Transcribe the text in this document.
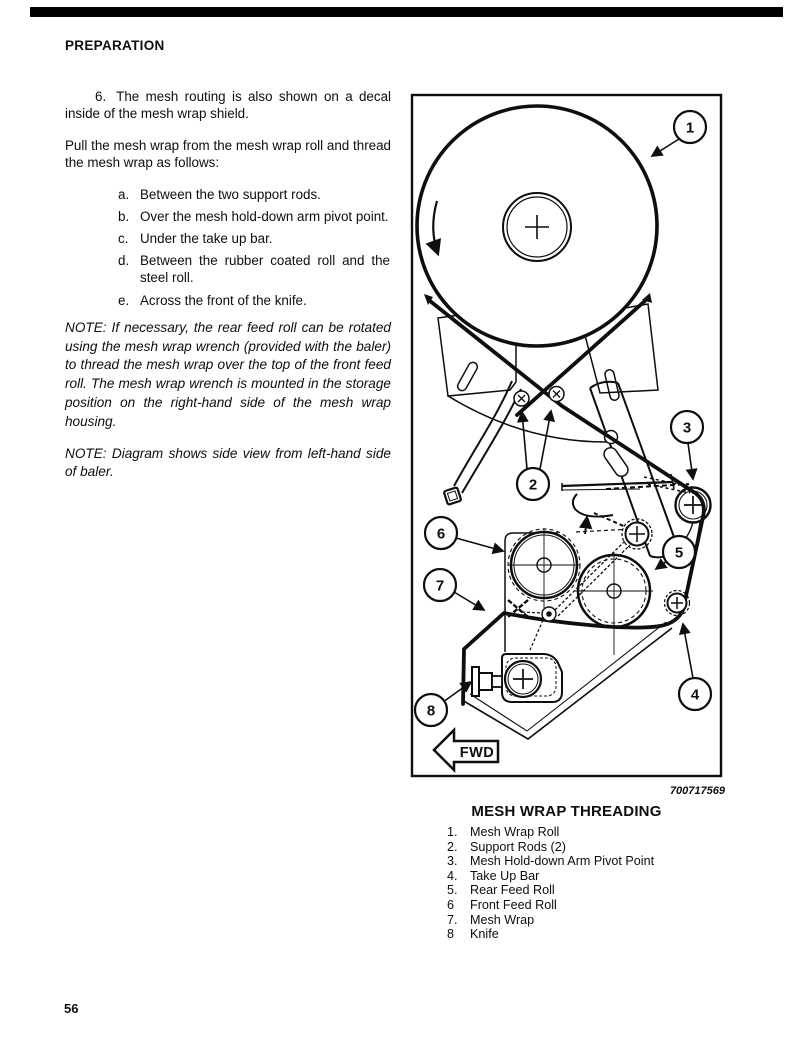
PREPARATION

6. The mesh routing is also shown on a decal inside of the mesh wrap shield.

Pull the mesh wrap from the mesh wrap roll and thread the mesh wrap as follows:

a. Between the two support rods.
b. Over the mesh hold-down arm pivot point.
c. Under the take up bar.
d. Between the rubber coated roll and the steel roll.
e. Across the front of the knife.

NOTE: If necessary, the rear feed roll can be rotated using the mesh wrap wrench (provided with the baler) to thread the mesh wrap over the top of the front feed roll. The mesh wrap wrench is mounted in the storage position on the right-hand side of the mesh wrap housing.

NOTE: Diagram shows side view from left-hand side of baler.

1
2
3
4
5
6
7
8
FWD
700717569
MESH WRAP THREADING
1. Mesh Wrap Roll
2. Support Rods (2)
3. Mesh Hold-down Arm Pivot Point
4. Take Up Bar
5. Rear Feed Roll
6	Front Feed Roll
7. Mesh Wrap
8	Knife
56
